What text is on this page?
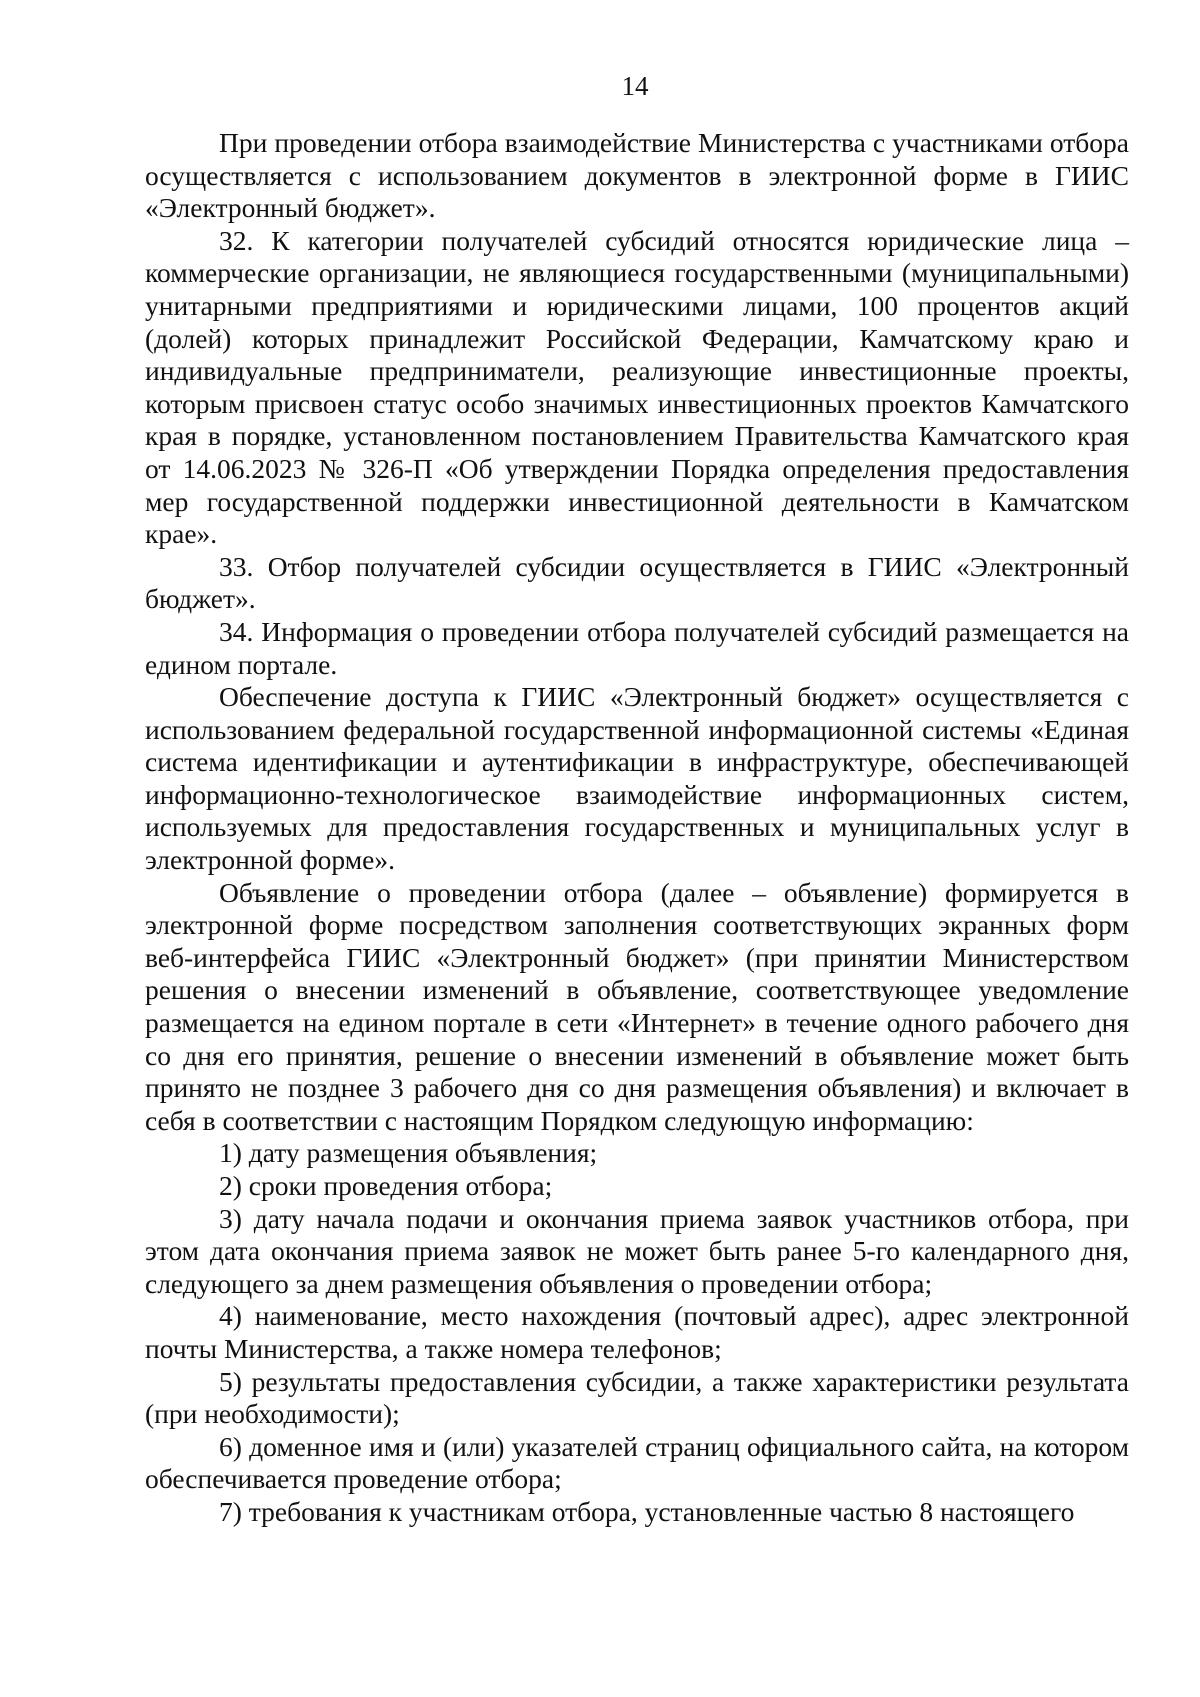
14

При проведении отбора взаимодействие Министерства с участниками отбора осуществляется с использованием документов в электронной форме в ГИИС «Электронный бюджет».

32. К категории получателей субсидий относятся юридические лица – коммерческие организации, не являющиеся государственными (муниципальными) унитарными предприятиями и юридическими лицами, 100 процентов акций (долей) которых принадлежит Российской Федерации, Камчатскому краю и индивидуальные предприниматели, реализующие инвестиционные проекты, которым присвоен статус особо значимых инвестиционных проектов Камчатского края в порядке, установленном постановлением Правительства Камчатского края от 14.06.2023 № 326-П «Об утверждении Порядка определения предоставления мер государственной поддержки инвестиционной деятельности в Камчатском крае».

33. Отбор получателей субсидии осуществляется в ГИИС «Электронный бюджет».

34. Информация о проведении отбора получателей субсидий размещается на едином портале.

Обеспечение доступа к ГИИС «Электронный бюджет» осуществляется с использованием федеральной государственной информационной системы «Единая система идентификации и аутентификации в инфраструктуре, обеспечивающей информационно-технологическое взаимодействие информационных систем, используемых для предоставления государственных и муниципальных услуг в электронной форме».

Объявление о проведении отбора (далее – объявление) формируется в электронной форме посредством заполнения соответствующих экранных форм веб-интерфейса ГИИС «Электронный бюджет» (при принятии Министерством решения о внесении изменений в объявление, соответствующее уведомление размещается на едином портале в сети «Интернет» в течение одного рабочего дня со дня его принятия, решение о внесении изменений в объявление может быть принято не позднее 3 рабочего дня со дня размещения объявления) и включает в себя в соответствии с настоящим Порядком следующую информацию:

1) дату размещения объявления;

2) сроки проведения отбора;

3) дату начала подачи и окончания приема заявок участников отбора, при этом дата окончания приема заявок не может быть ранее 5-го календарного дня, следующего за днем размещения объявления о проведении отбора;

4) наименование, место нахождения (почтовый адрес), адрес электронной почты Министерства, а также номера телефонов;

5) результаты предоставления субсидии, а также характеристики результата (при необходимости);

6) доменное имя и (или) указателей страниц официального сайта, на котором обеспечивается проведение отбора;

7) требования к участникам отбора, установленные частью 8 настоящего
